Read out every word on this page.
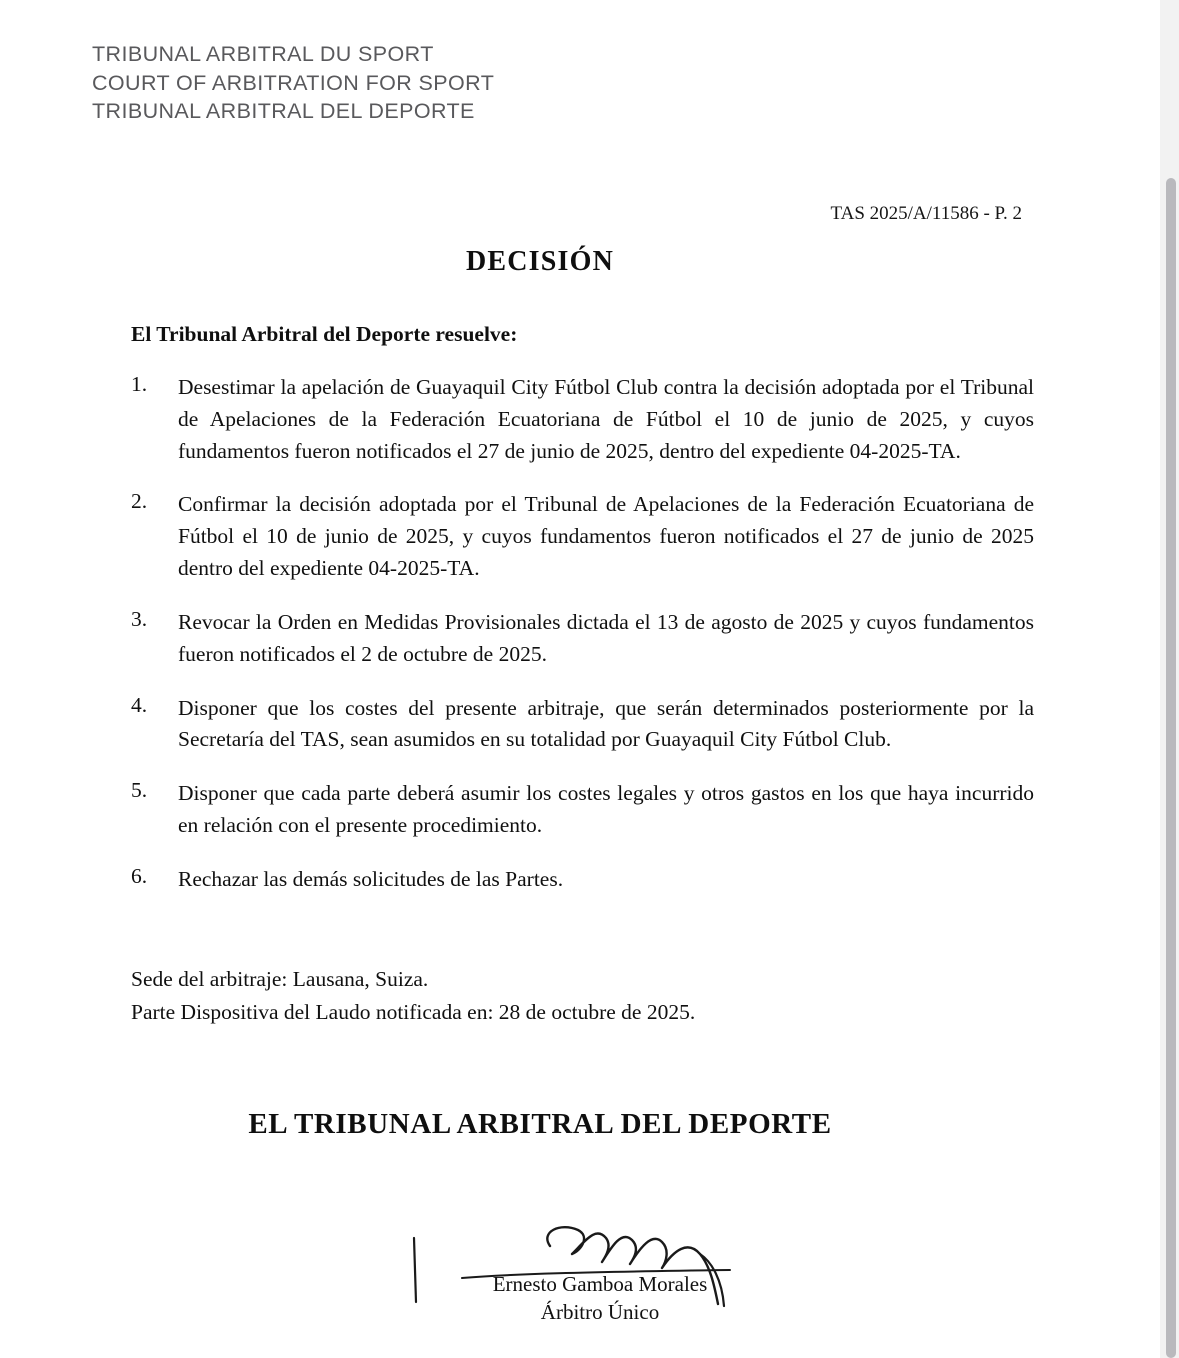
TRIBUNAL ARBITRAL DU SPORT
COURT OF ARBITRATION FOR SPORT
TRIBUNAL ARBITRAL DEL DEPORTE
TAS 2025/A/11586 - P. 2
DECISIÓN
El Tribunal Arbitral del Deporte resuelve:
1.	Desestimar la apelación de Guayaquil City Fútbol Club contra la decisión adoptada por el Tribunal de Apelaciones de la Federación Ecuatoriana de Fútbol el 10 de junio de 2025, y cuyos fundamentos fueron notificados el 27 de junio de 2025, dentro del expediente 04-2025-TA.
2.	Confirmar la decisión adoptada por el Tribunal de Apelaciones de la Federación Ecuatoriana de Fútbol el 10 de junio de 2025, y cuyos fundamentos fueron notificados el 27 de junio de 2025 dentro del expediente 04-2025-TA.
3.	Revocar la Orden en Medidas Provisionales dictada el 13 de agosto de 2025 y cuyos fundamentos fueron notificados el 2 de octubre de 2025.
4.	Disponer que los costes del presente arbitraje, que serán determinados posteriormente por la Secretaría del TAS, sean asumidos en su totalidad por Guayaquil City Fútbol Club.
5.	Disponer que cada parte deberá asumir los costes legales y otros gastos en los que haya incurrido en relación con el presente procedimiento.
6.	Rechazar las demás solicitudes de las Partes.
Sede del arbitraje: Lausana, Suiza.
Parte Dispositiva del Laudo notificada en: 28 de octubre de 2025.
EL TRIBUNAL ARBITRAL DEL DEPORTE
Ernesto Gamboa Morales
Árbitro Único
